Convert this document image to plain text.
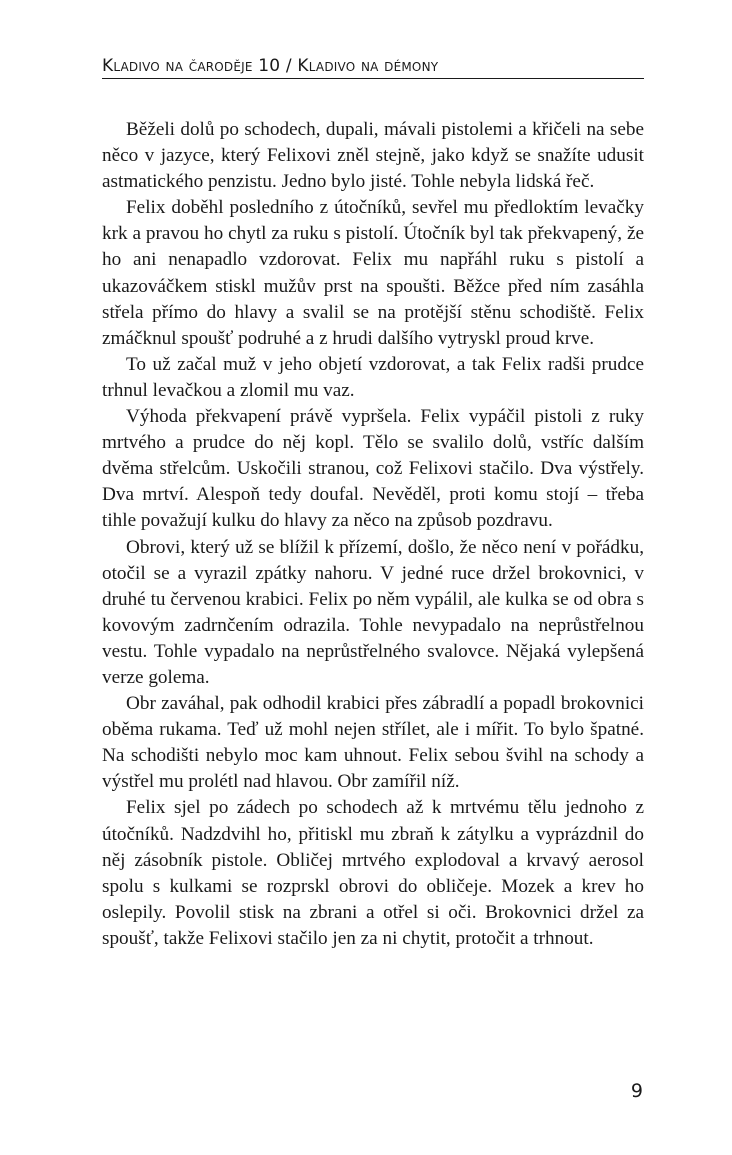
Kladivo na čaroděje 10 / Kladivo na démony

Běželi dolů po schodech, dupali, mávali pistolemi a křičeli na sebe něco v jazyce, který Felixovi zněl stejně, jako když se snažíte udusit astmatického penzistu. Jedno bylo jisté. Tohle nebyla lidská řeč.

Felix doběhl posledního z útočníků, sevřel mu předloktím levačky krk a pravou ho chytl za ruku s pistolí. Útočník byl tak překvapený, že ho ani nenapadlo vzdorovat. Felix mu napřáhl ruku s pistolí a ukazováčkem stiskl mužův prst na spoušti. Běžce před ním zasáhla střela přímo do hlavy a svalil se na protější stěnu schodiště. Felix zmáčknul spoušť podruhé a z hrudi dalšího vytryskl proud krve.

To už začal muž v jeho objetí vzdorovat, a tak Felix radši prudce trhnul levačkou a zlomil mu vaz.

Výhoda překvapení právě vypršela. Felix vypáčil pistoli z ruky mrtvého a prudce do něj kopl. Tělo se svalilo dolů, vstříc dalším dvěma střelcům. Uskočili stranou, což Felixovi stačilo. Dva výstřely. Dva mrtví. Alespoň tedy doufal. Nevěděl, proti komu stojí – třeba tihle považují kulku do hlavy za něco na způsob pozdravu.

Obrovi, který už se blížil k přízemí, došlo, že něco není v pořádku, otočil se a vyrazil zpátky nahoru. V jedné ruce držel brokovnici, v druhé tu červenou krabici. Felix po něm vypálil, ale kulka se od obra s kovovým zadrnčením odrazila. Tohle nevypadalo na neprůstřelnou vestu. Tohle vypadalo na neprůstřelného svalovce. Nějaká vylepšená verze golema.

Obr zaváhal, pak odhodil krabici přes zábradlí a popadl brokovnici oběma rukama. Teď už mohl nejen střílet, ale i mířit. To bylo špatné. Na schodišti nebylo moc kam uhnout. Felix sebou švihl na schody a výstřel mu prolétl nad hlavou. Obr zamířil níž.

Felix sjel po zádech po schodech až k mrtvému tělu jednoho z útočníků. Nadzdvihl ho, přitiskl mu zbraň k zátylku a vyprázdnil do něj zásobník pistole. Obličej mrtvého explodoval a krvavý aerosol spolu s kulkami se rozprskl obrovi do obličeje. Mozek a krev ho oslepily. Povolil stisk na zbrani a otřel si oči. Brokovnici držel za spoušť, takže Felixovi stačilo jen za ni chytit, protočit a trhnout.

9
